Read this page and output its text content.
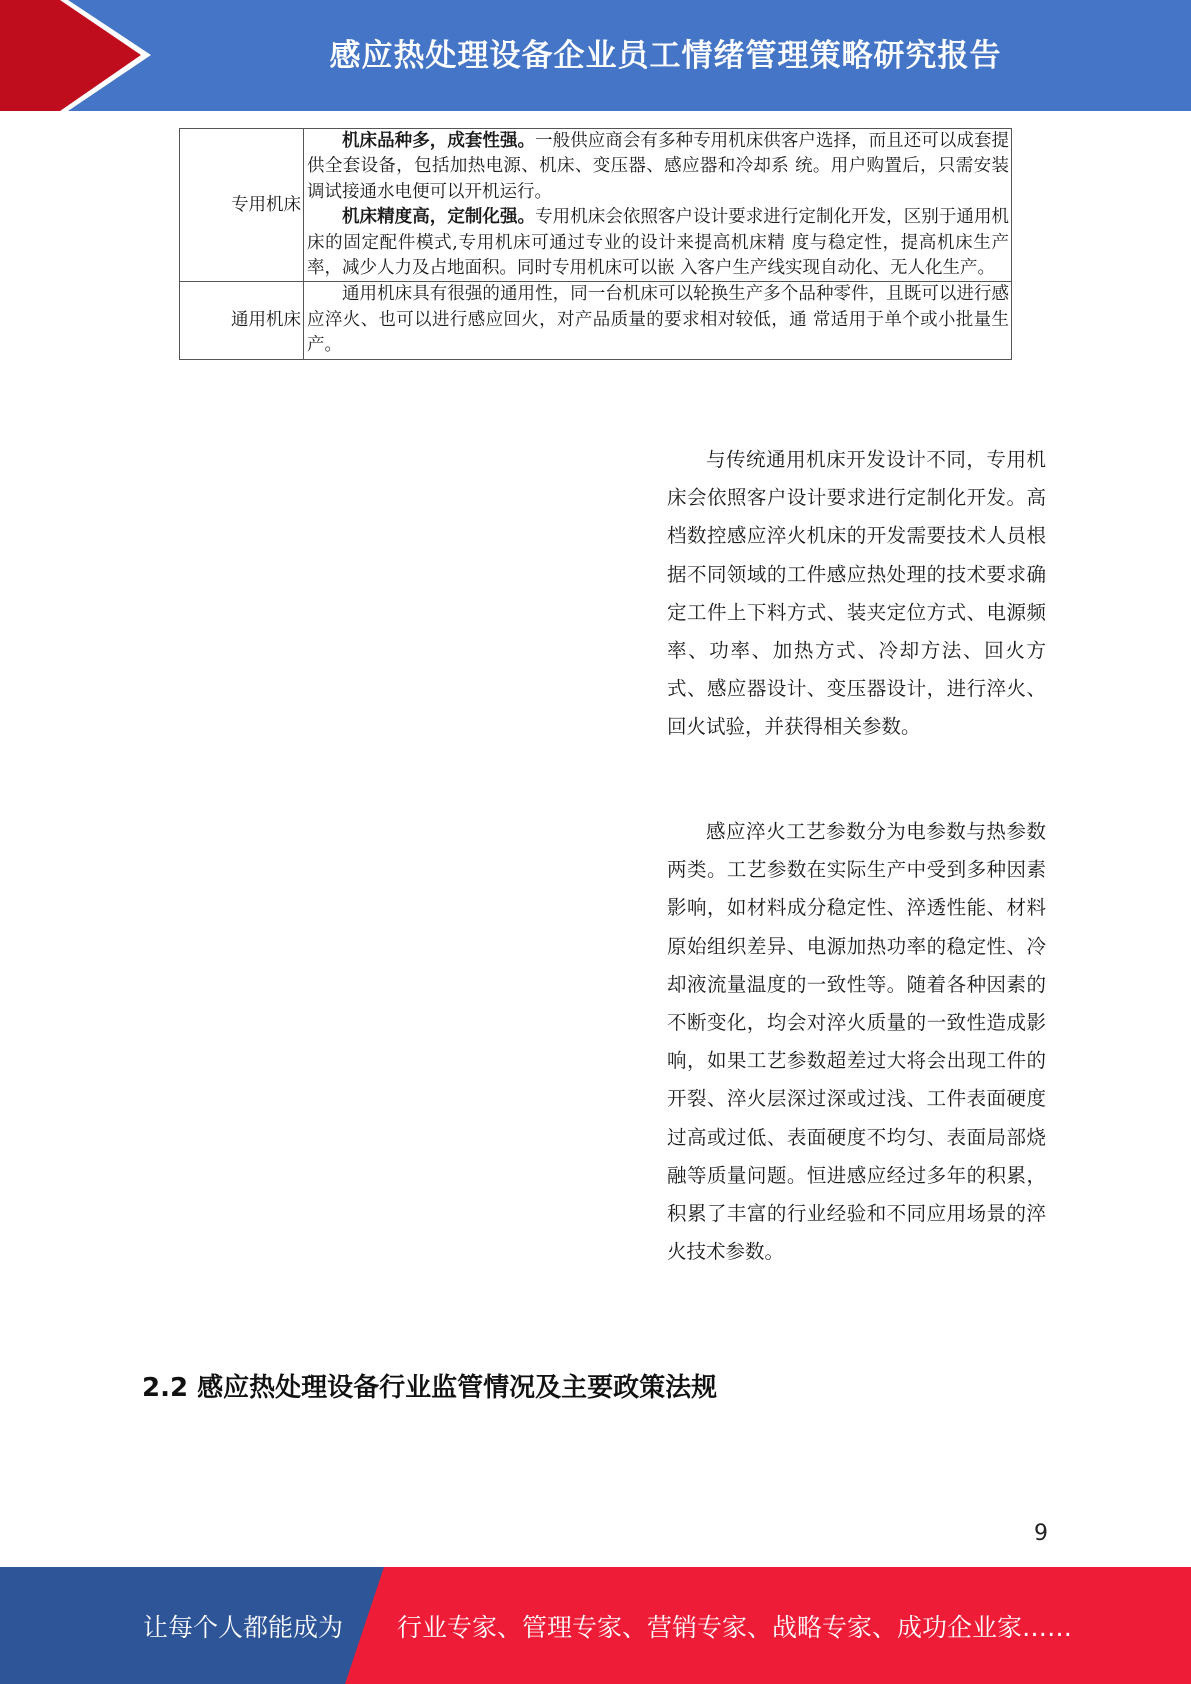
感应热处理设备企业员工情绪管理策略研究报告
专用机床	机床品种多，成套性强。一般供应商会有多种专用机床供客户选择，而且还可以成套提供全套设备，包括加热电源、机床、变压器、感应器和冷却系 统。用户购置后，只需安装调试接通水电便可以开机运行。

机床精度高，定制化强。专用机床会依照客户设计要求进行定制化开发，区别于通用机床的固定配件模式,专用机床可通过专业的设计来提高机床精 度与稳定性，提高机床生产率，减少人力及占地面积。同时专用机床可以嵌 入客户生产线实现自动化、无人化生产。

通用机床	通用机床具有很强的通用性，同一台机床可以轮换生产多个品种零件，且既可以进行感应淬火、也可以进行感应回火，对产品质量的要求相对较低，通 常适用于单个或小批量生产。

与传统通用机床开发设计不同，专用机床会依照客户设计要求进行定制化开发。高档数控感应淬火机床的开发需要技术人员根据不同领域的工件感应热处理的技术要求确定工件上下料方式、装夹定位方式、电源频率、功率、加热方式、冷却方法、回火方式、感应器设计、变压器设计，进行淬火、回火试验，并获得相关参数。

感应淬火工艺参数分为电参数与热参数两类。工艺参数在实际生产中受到多种因素影响，如材料成分稳定性、淬透性能、材料原始组织差异、电源加热功率的稳定性、冷却液流量温度的一致性等。随着各种因素的不断变化，均会对淬火质量的一致性造成影响，如果工艺参数超差过大将会出现工件的开裂、淬火层深过深或过浅、工件表面硬度过高或过低、表面硬度不均匀、表面局部烧融等质量问题。恒进感应经过多年的积累，积累了丰富的行业经验和不同应用场景的淬火技术参数。

2.2 感应热处理设备行业监管情况及主要政策法规
9
让每个人都能成为 行业专家、管理专家、营销专家、战略专家、成功企业家……
